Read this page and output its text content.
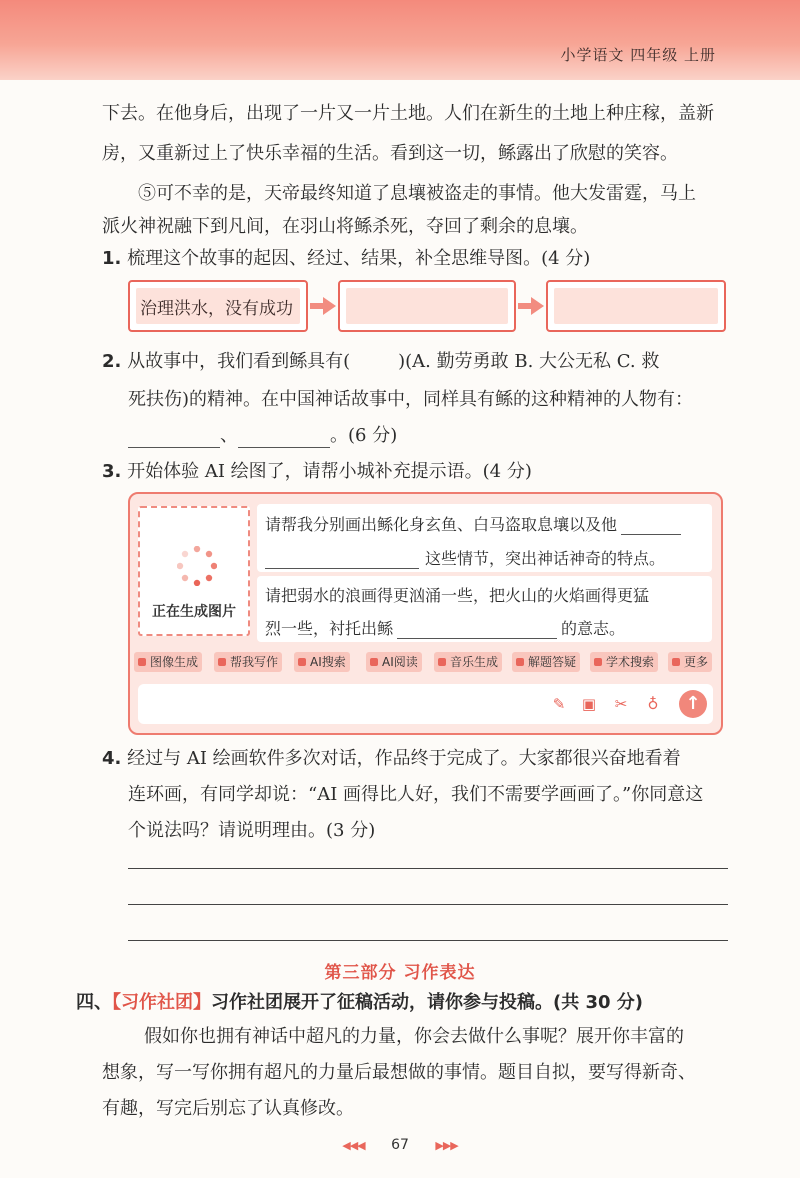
小学语文 四年级 上册
下去。在他身后，出现了一片又一片土地。人们在新生的土地上种庄稼，盖新
房，又重新过上了快乐幸福的生活。看到这一切，鲧露出了欣慰的笑容。
⑤可不幸的是，天帝最终知道了息壤被盗走的事情。他大发雷霆，马上
派火神祝融下到凡间，在羽山将鲧杀死，夺回了剩余的息壤。
1. 梳理这个故事的起因、经过、结果，补全思维导图。(4 分)
治理洪水，没有成功
2. 从故事中，我们看到鲧具有(	)(A. 勤劳勇敢 B. 大公无私 C. 救
死扶伤)的精神。在中国神话故事中，同样具有鲧的这种精神的人物有：
、	。(6 分)
3. 开始体验 AI 绘图了，请帮小城补充提示语。(4 分)
正在生成图片
请帮我分别画出鲧化身玄鱼、白马盗取息壤以及他
这些情节，突出神话神奇的特点。
请把弱水的浪画得更汹涌一些，把火山的火焰画得更猛
烈一些，衬托出鲧	的意志。
图像生成	帮我写作	AI搜索	AI阅读	音乐生成	解题答疑	学术搜索	更多
✎ ▣ ✂ ♁	↑
4. 经过与 AI 绘画软件多次对话，作品终于完成了。大家都很兴奋地看着
连环画，有同学却说：“AI 画得比人好，我们不需要学画画了。”你同意这
个说法吗？请说明理由。(3 分)
第三部分 习作表达
四、【习作社团】习作社团展开了征稿活动，请你参与投稿。(共 30 分)
假如你也拥有神话中超凡的力量，你会去做什么事呢？展开你丰富的
想象，写一写你拥有超凡的力量后最想做的事情。题目自拟，要写得新奇、
有趣，写完后别忘了认真修改。
◀◀◀ 67 ▶▶▶
